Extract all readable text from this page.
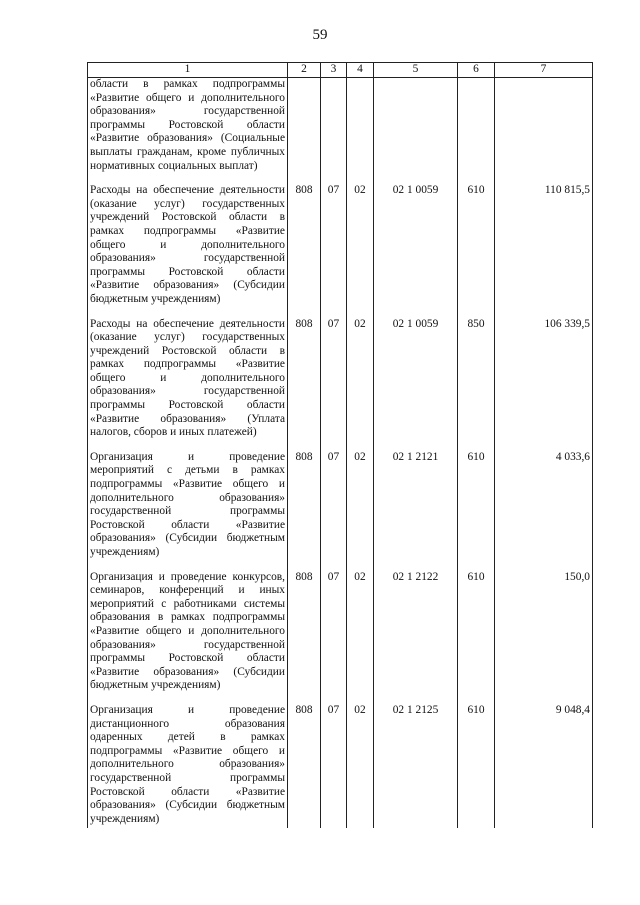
59
1	2	3	4	5	6	7
области в рамках подпрограммы «Развитие общего и дополнительного образования» государственной программы Ростовской области «Развитие образования» (Социальные выплаты гражданам, кроме публичных нормативных социальных выплат)						
Расходы на обеспечение деятельности (оказание услуг) государственных учреждений Ростовской области в рамках подпрограммы «Развитие общего и дополнительного образования» государственной программы Ростовской области «Развитие образования» (Субсидии бюджетным учреждениям)	808	07	02	02 1 0059	610	110 815,5
Расходы на обеспечение деятельности (оказание услуг) государственных учреждений Ростовской области в рамках подпрограммы «Развитие общего и дополнительного образования» государственной программы Ростовской области «Развитие образования» (Уплата налогов, сборов и иных платежей)	808	07	02	02 1 0059	850	106 339,5
Организация и проведение мероприятий с детьми в рамках подпрограммы «Развитие общего и дополнительного образования» государственной программы Ростовской области «Развитие образования» (Субсидии бюджетным учреждениям)	808	07	02	02 1 2121	610	4 033,6
Организация и проведение конкурсов, семинаров, конференций и иных мероприятий с работниками системы образования в рамках подпрограммы «Развитие общего и дополнительного образования» государственной программы Ростовской области «Развитие образования» (Субсидии бюджетным учреждениям)	808	07	02	02 1 2122	610	150,0
Организация и проведение дистанционного образования одаренных детей в рамках подпрограммы «Развитие общего и дополнительного образования» государственной программы Ростовской области «Развитие образования» (Субсидии бюджетным учреждениям)	808	07	02	02 1 2125	610	9 048,4
